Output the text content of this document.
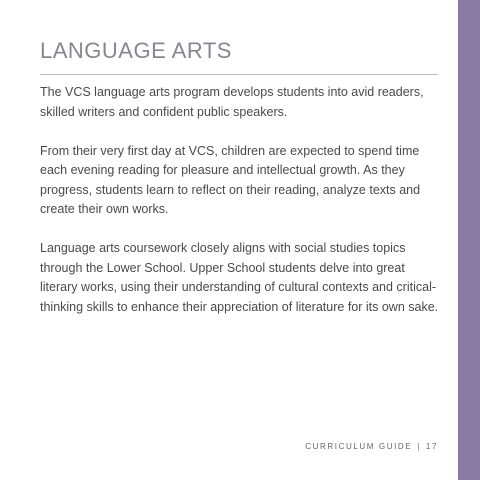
LANGUAGE ARTS

The VCS language arts program develops students into avid readers, skilled writers and confident public speakers.

From their very first day at VCS, children are expected to spend time each evening reading for pleasure and intellectual growth. As they progress, students learn to reflect on their reading, analyze texts and create their own works.

Language arts coursework closely aligns with social studies topics through the Lower School. Upper School students delve into great literary works, using their understanding of cultural contexts and critical-thinking skills to enhance their appreciation of literature for its own sake.

CURRICULUM GUIDE | 17
